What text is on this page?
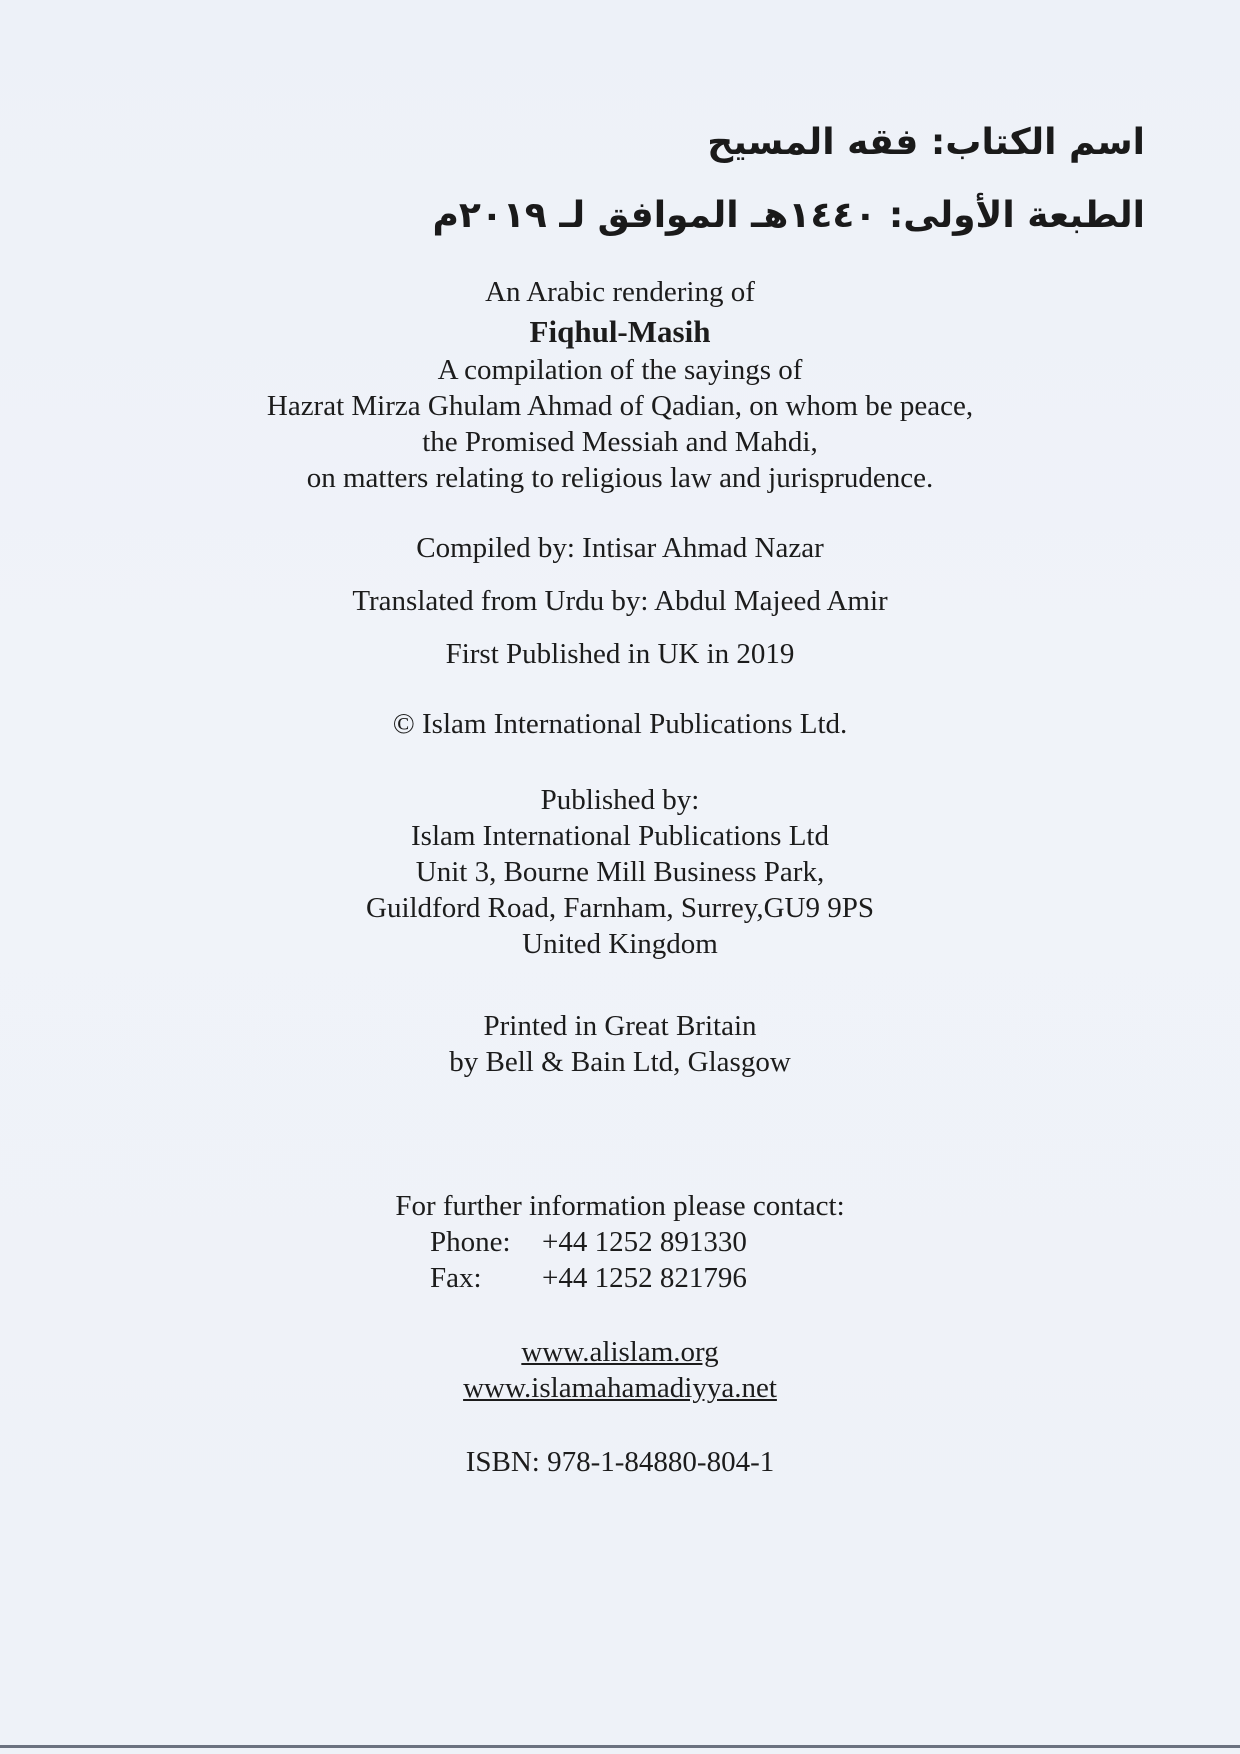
اسم الكتاب: فقه المسيح
الطبعة الأولى: ١٤٤٠هـ الموافق لـ ٢٠١٩م
An Arabic rendering of
Fiqhul-Masih
A compilation of the sayings of
Hazrat Mirza Ghulam Ahmad of Qadian, on whom be peace,
the Promised Messiah and Mahdi,
on matters relating to religious law and jurisprudence.
Compiled by: Intisar Ahmad Nazar
Translated from Urdu by: Abdul Majeed Amir
First Published in UK in 2019
© Islam International Publications Ltd.
Published by:
Islam International Publications Ltd
Unit 3, Bourne Mill Business Park,
Guildford Road, Farnham, Surrey,GU9 9PS
United Kingdom
Printed in Great Britain
by Bell & Bain Ltd, Glasgow
For further information please contact:
Phone: +44 1252 891330
Fax: +44 1252 821796
www.alislam.org
www.islamahamadiyya.net
ISBN: 978-1-84880-804-1
